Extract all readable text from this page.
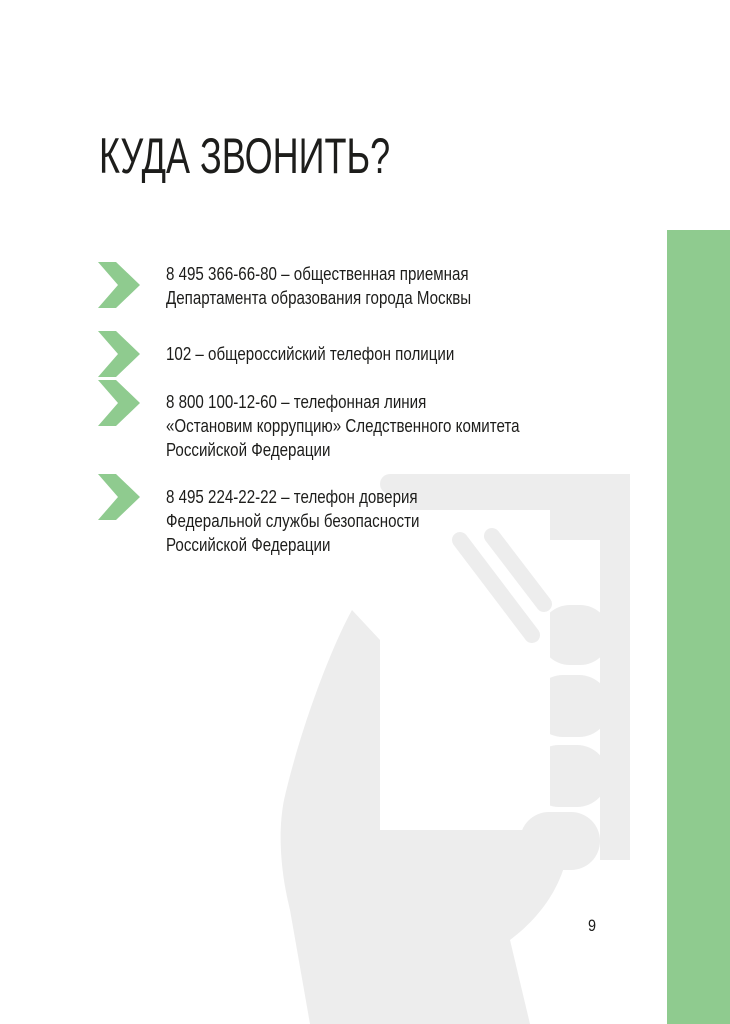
КУДА ЗВОНИТЬ?
8 495 366-66-80 – общественная приемная
Департамента образования города Москвы
102 – общероссийский телефон полиции
8 800 100-12-60 – телефонная линия
«Остановим коррупцию» Следственного комитета
Российской Федерации
8 495 224-22-22 – телефон доверия
Федеральной службы безопасности
Российской Федерации
9
